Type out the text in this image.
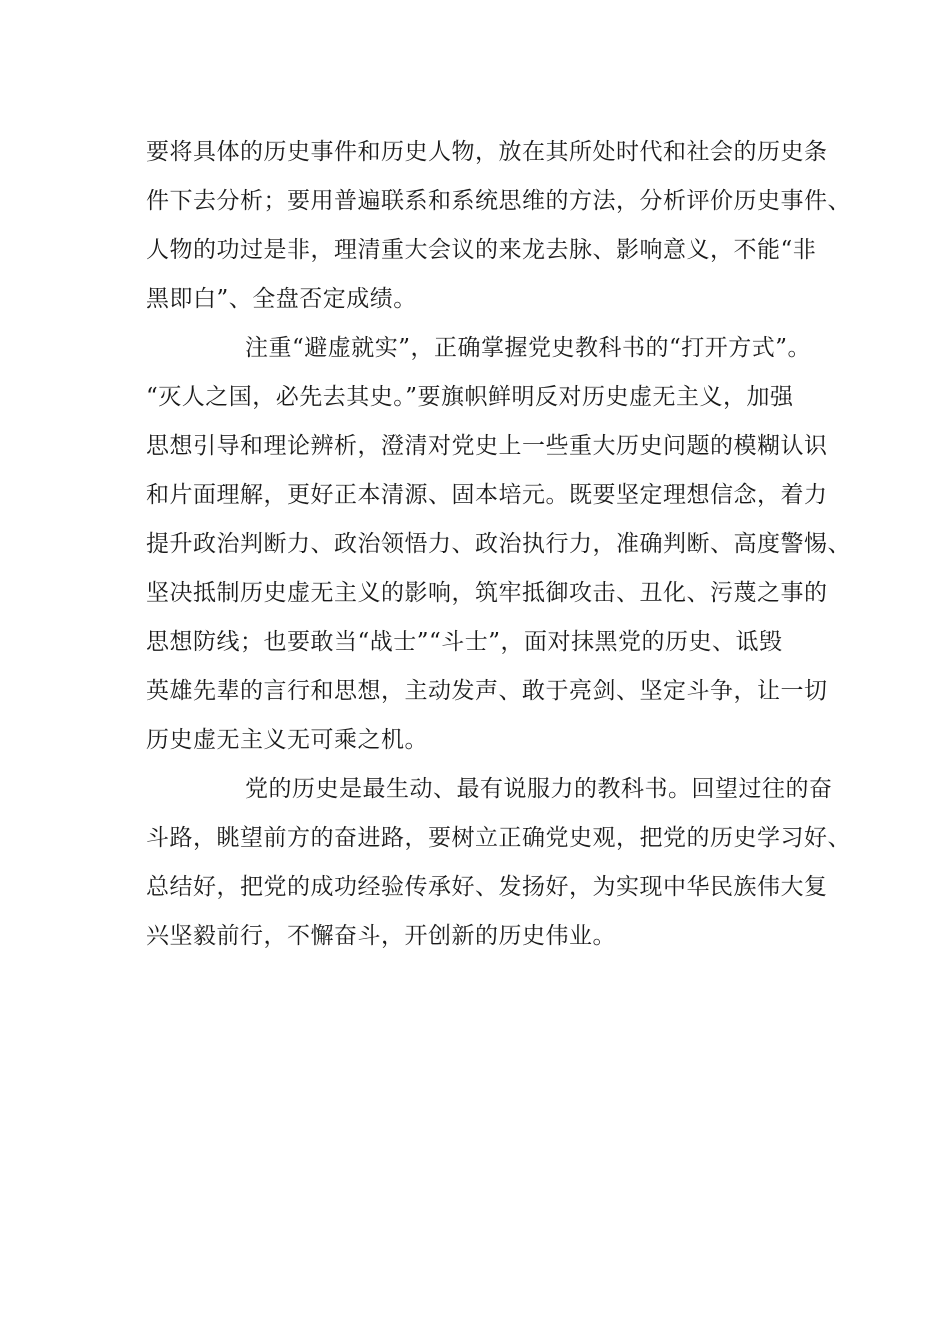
要将具体的历史事件和历史人物，放在其所处时代和社会的历史条
件下去分析；要用普遍联系和系统思维的方法，分析评价历史事件、
人物的功过是非，理清重大会议的来龙去脉、影响意义，不能“非
黑即白”、全盘否定成绩。
注重“避虚就实”，正确掌握党史教科书的“打开方式”。
“灭人之国，必先去其史。”要旗帜鲜明反对历史虚无主义，加强
思想引导和理论辨析，澄清对党史上一些重大历史问题的模糊认识
和片面理解，更好正本清源、固本培元。既要坚定理想信念，着力
提升政治判断力、政治领悟力、政治执行力，准确判断、高度警惕、
坚决抵制历史虚无主义的影响，筑牢抵御攻击、丑化、污蔑之事的
思想防线；也要敢当“战士”“斗士”，面对抹黑党的历史、诋毁
英雄先辈的言行和思想，主动发声、敢于亮剑、坚定斗争，让一切
历史虚无主义无可乘之机。
党的历史是最生动、最有说服力的教科书。回望过往的奋
斗路，眺望前方的奋进路，要树立正确党史观，把党的历史学习好、
总结好，把党的成功经验传承好、发扬好，为实现中华民族伟大复
兴坚毅前行，不懈奋斗，开创新的历史伟业。
